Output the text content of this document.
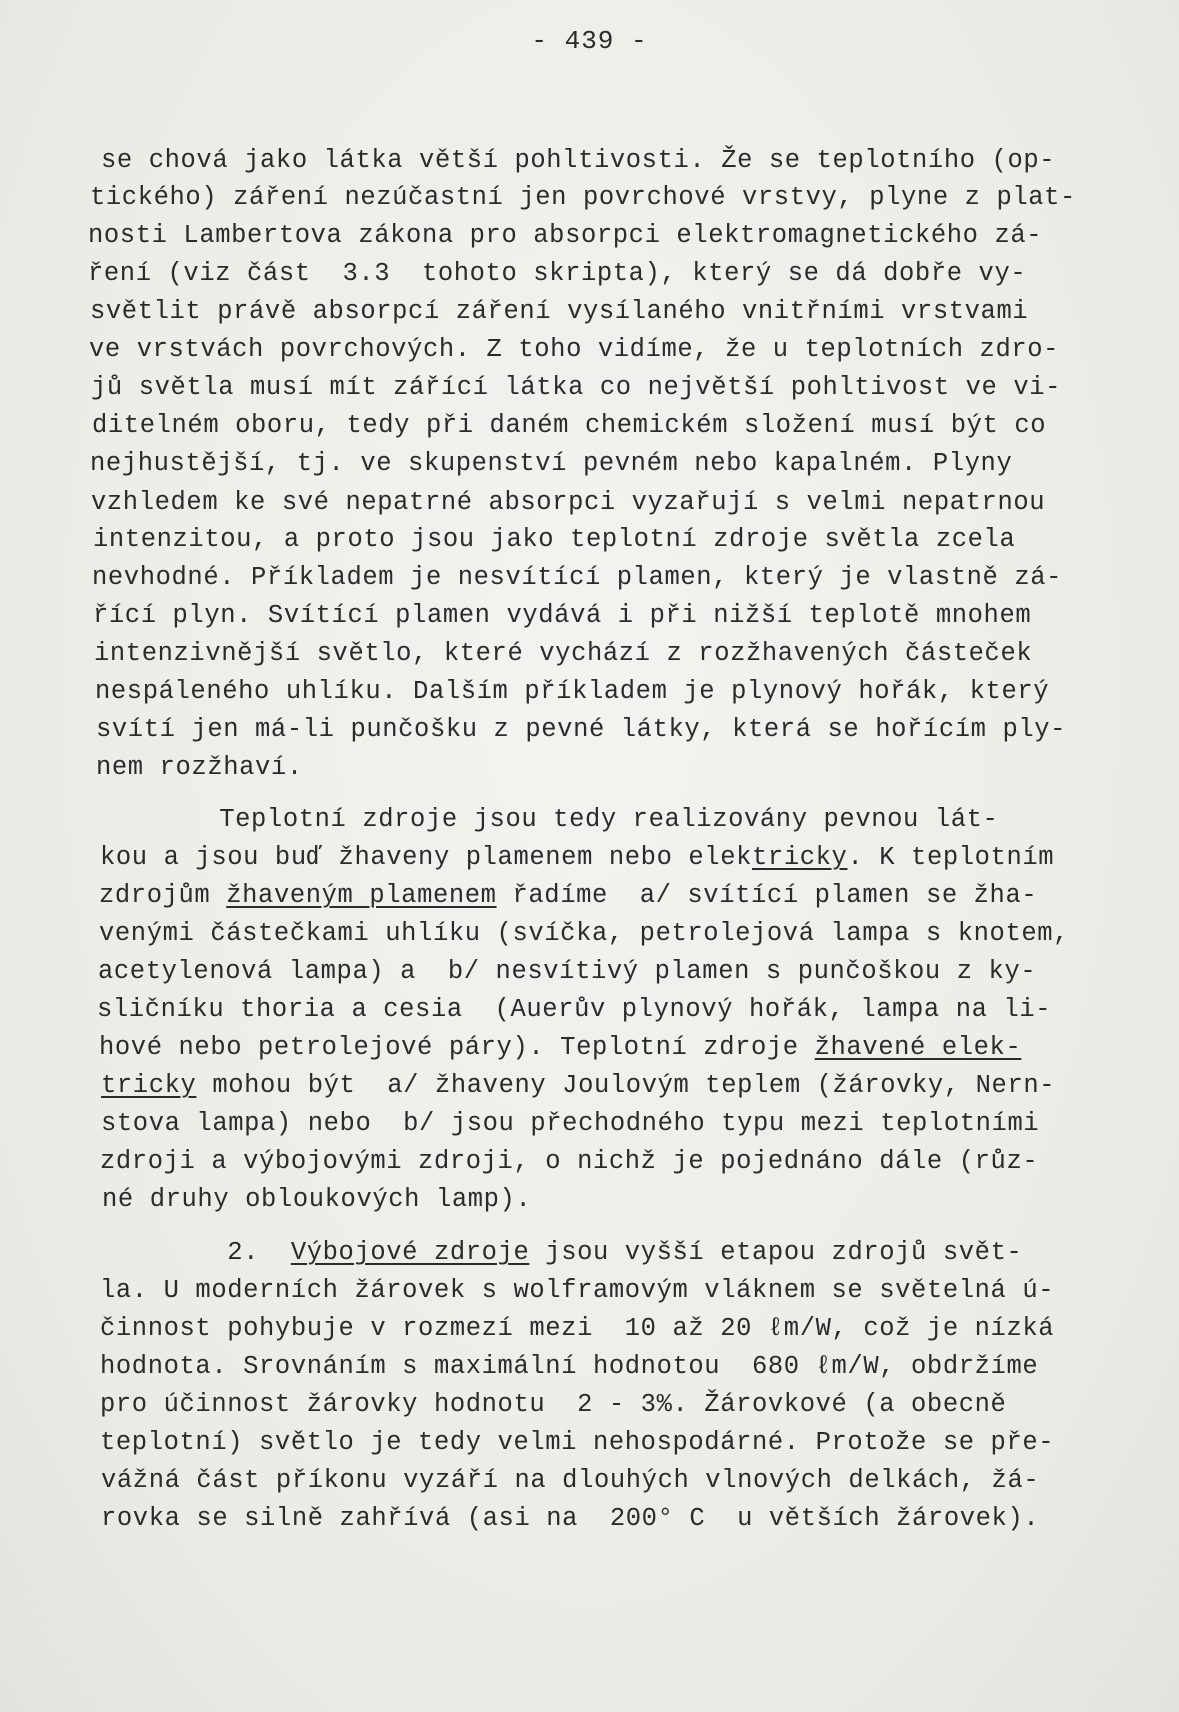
- 439 -
se chová jako látka větší pohltivosti. Že se teplotního (op-
tického) záření nezúčastní jen povrchové vrstvy, plyne z plat-
nosti Lambertova zákona pro absorpci elektromagnetického zá-
ření (viz část  3.3  tohoto skripta), který se dá dobře vy-
světlit právě absorpcí záření vysílaného vnitřními vrstvami
ve vrstvách povrchových. Z toho vidíme, že u teplotních zdro-
jů světla musí mít zářící látka co největší pohltivost ve vi-
ditelném oboru, tedy při daném chemickém složení musí být co
nejhustější, tj. ve skupenství pevném nebo kapalném. Plyny
vzhledem ke své nepatrné absorpci vyzařují s velmi nepatrnou
intenzitou, a proto jsou jako teplotní zdroje světla zcela
nevhodné. Příkladem je nesvítící plamen, který je vlastně zá-
řící plyn. Svítící plamen vydává i při nižší teplotě mnohem
intenzivnější světlo, které vychází z rozžhavených částeček
nespáleného uhlíku. Dalším příkladem je plynový hořák, který
svítí jen má-li punčošku z pevné látky, která se hořícím ply-
nem rozžhaví.
Teplotní zdroje jsou tedy realizovány pevnou lát-
kou a jsou buď žhaveny plamenem nebo elektricky. K teplotním
zdrojům žhaveným plamenem řadíme  a/ svítící plamen se žha-
venými částečkami uhlíku (svíčka, petrolejová lampa s knotem,
acetylenová lampa) a  b/ nesvítivý plamen s punčoškou z ky-
sličníku thoria a cesia  (Auerův plynový hořák, lampa na li-
hové nebo petrolejové páry). Teplotní zdroje žhavené elek-
tricky mohou být  a/ žhaveny Joulovým teplem (žárovky, Nern-
stova lampa) nebo  b/ jsou přechodného typu mezi teplotními
zdroji a výbojovými zdroji, o nichž je pojednáno dále (růz-
né druhy obloukových lamp).
2.  Výbojové zdroje jsou vyšší etapou zdrojů svět-
la. U moderních žárovek s wolframovým vláknem se světelná ú-
činnost pohybuje v rozmezí mezi  10 až 20 ℓm/W, což je nízká
hodnota. Srovnáním s maximální hodnotou  680 ℓm/W, obdržíme
pro účinnost žárovky hodnotu  2 - 3%. Žárovkové (a obecně
teplotní) světlo je tedy velmi nehospodárné. Protože se pře-
vážná část příkonu vyzáří na dlouhých vlnových delkách, žá-
rovka se silně zahřívá (asi na  200° C  u větších žárovek).
